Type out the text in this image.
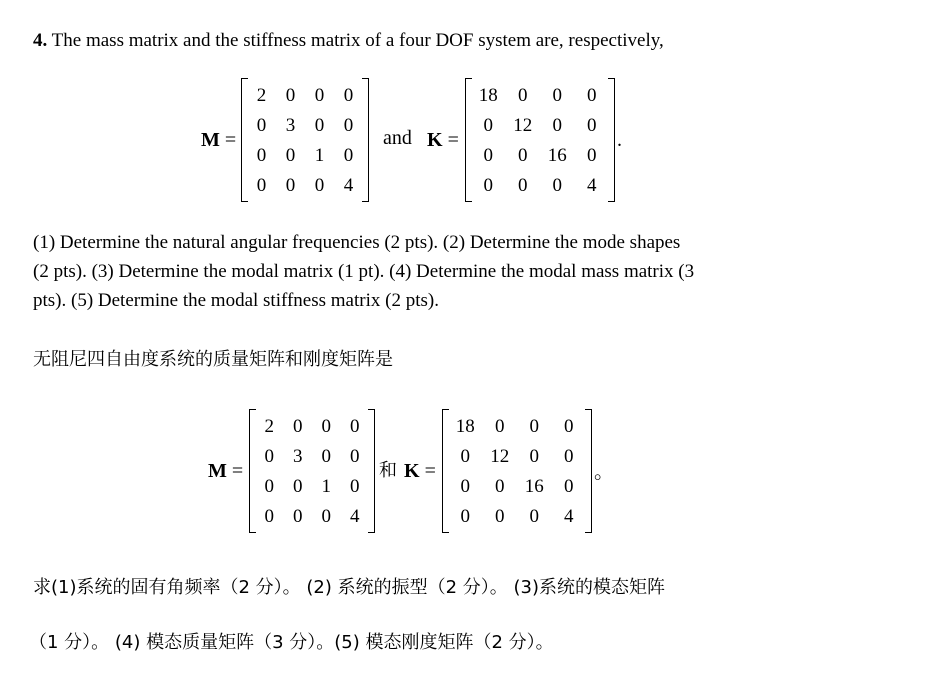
4. The mass matrix and the stiffness matrix of a four DOF system are, respectively,
M =
2	0	0	0
0	3	0	0
0	0	1	0
0	0	0	4
and K =
18	0	0	0
0	12	0	0
0	0	16	0
0	0	0	4
.
(1) Determine the natural angular frequencies (2 pts). (2) Determine the mode shapes
(2 pts). (3) Determine the modal matrix (1 pt). (4) Determine the modal mass matrix (3
pts). (5) Determine the modal stiffness matrix (2 pts).
无阻尼四自由度系统的质量矩阵和刚度矩阵是
M =
2	0	0	0
0	3	0	0
0	0	1	0
0	0	0	4
和 K =
18	0	0	0
0	12	0	0
0	0	16	0
0	0	0	4
。
求(1)系统的固有角频率（2 分）。 (2) 系统的振型（2 分）。 (3)系统的模态矩阵
（1 分）。 (4) 模态质量矩阵（3 分）。(5) 模态刚度矩阵（2 分）。
